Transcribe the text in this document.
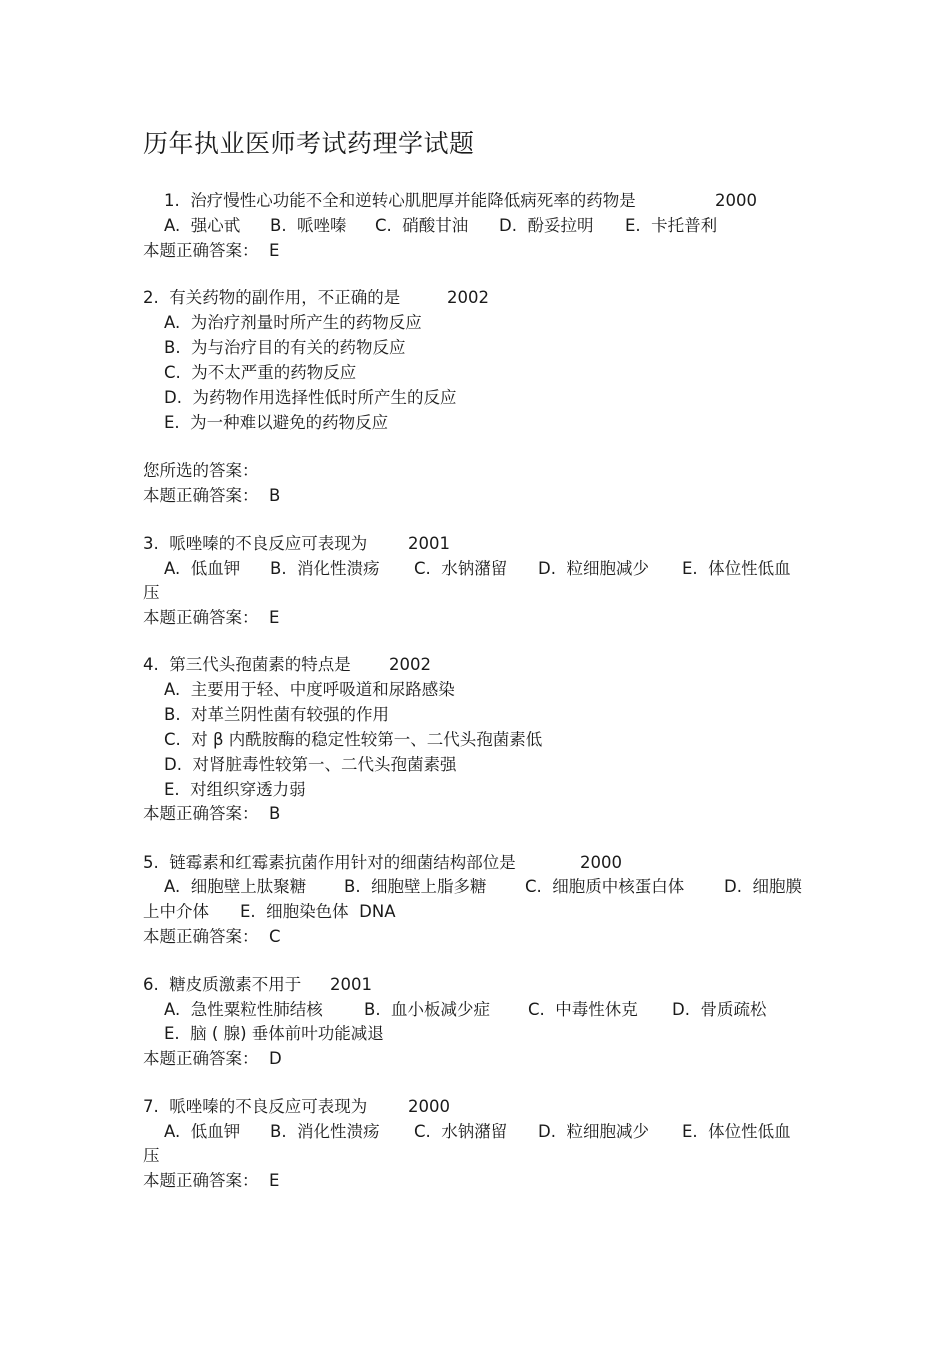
历年执业医师考试药理学试题
1.  治疗慢性心功能不全和逆转心肌肥厚并能降低病死率的药物是	2000
A.  强心甙 B.  哌唑嗪 C.  硝酸甘油 D.  酚妥拉明 E.  卡托普利
本题正确答案：  E
2.  有关药物的副作用，不正确的是	2002
A.  为治疗剂量时所产生的药物反应
B.  为与治疗目的有关的药物反应
C.  为不太严重的药物反应
D.  为药物作用选择性低时所产生的反应
E.  为一种难以避免的药物反应
您所选的答案：
本题正确答案：  B
3.  哌唑嗪的不良反应可表现为 2001
A.  低血钾 B.  消化性溃疡 C.  水钠潴留 D.  粒细胞减少 E.  体位性低血
压
本题正确答案：  E
4.  第三代头孢菌素的特点是 2002
A.  主要用于轻、中度呼吸道和尿路感染
B.  对革兰阴性菌有较强的作用
C.  对 β 内酰胺酶的稳定性较第一、二代头孢菌素低
D.  对肾脏毒性较第一、二代头孢菌素强
E.  对组织穿透力弱
本题正确答案：  B
5.  链霉素和红霉素抗菌作用针对的细菌结构部位是	2000
A.  细胞壁上肽聚糖 B.  细胞壁上脂多糖 C.  细胞质中核蛋白体 D.  细胞膜
上中介体 E.  细胞染色体  DNA
本题正确答案：  C
6.  糖皮质激素不用于 2001
A.  急性粟粒性肺结核	B.  血小板减少症 C.  中毒性休克 D.  骨质疏松
E.  脑 ( 腺) 垂体前叶功能减退
本题正确答案：  D
7.  哌唑嗪的不良反应可表现为 2000
A.  低血钾 B.  消化性溃疡 C.  水钠潴留 D.  粒细胞减少 E.  体位性低血
压
本题正确答案：  E
